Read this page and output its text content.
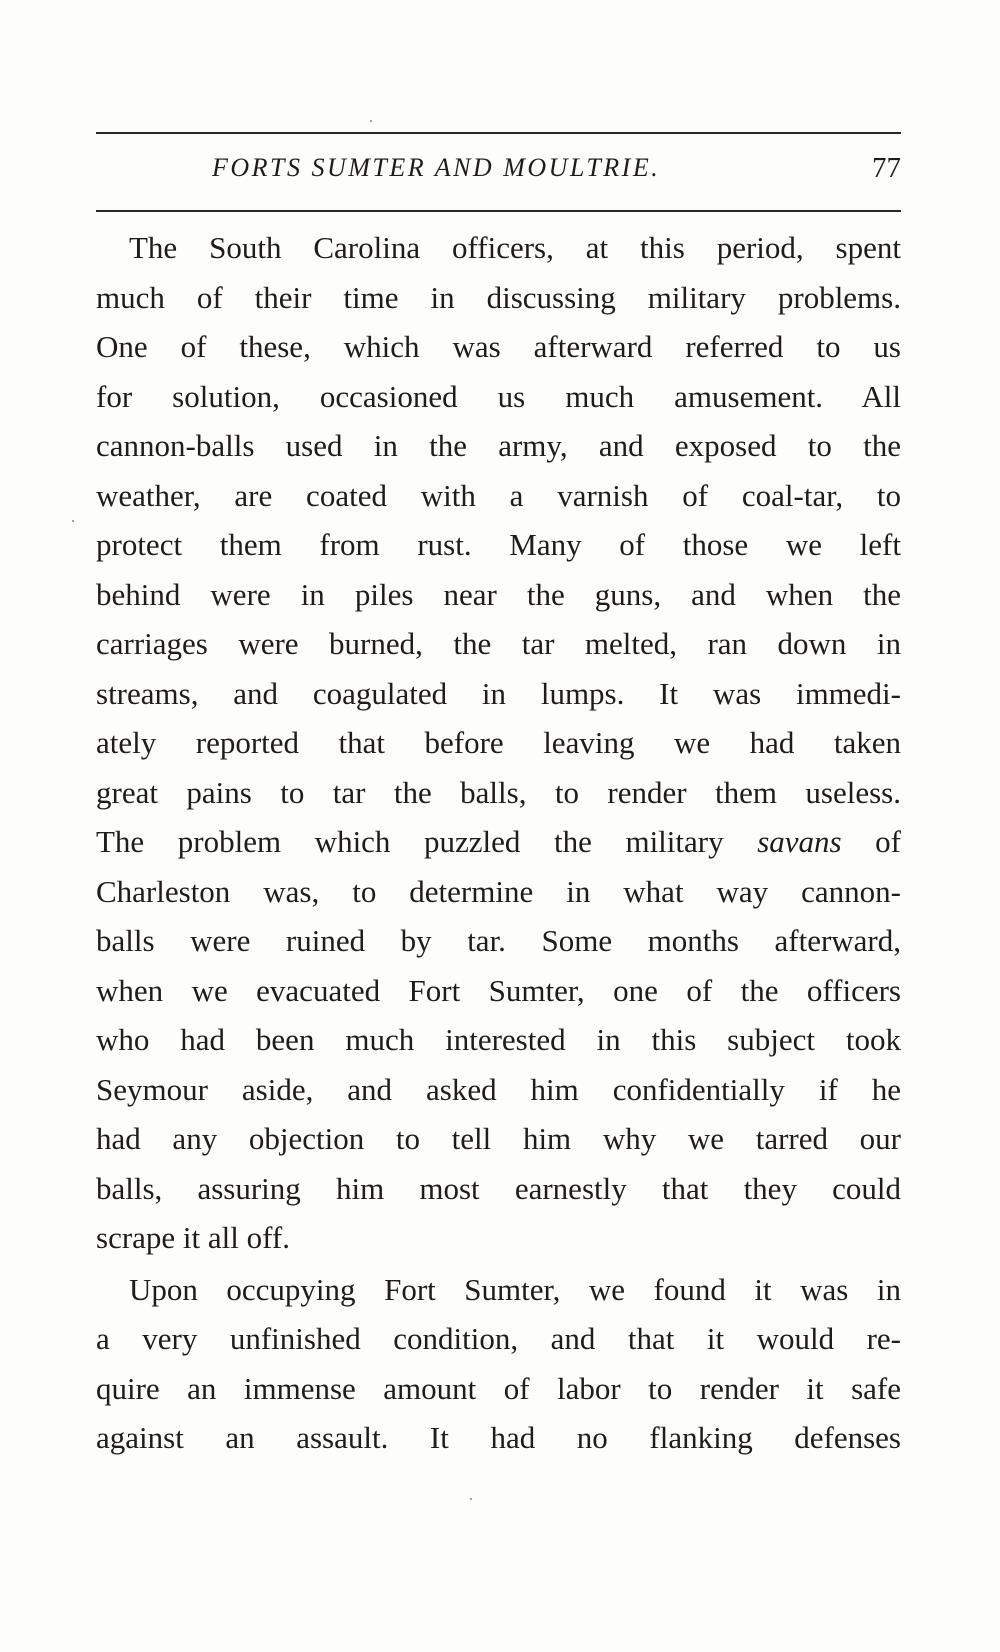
FORTS SUMTER AND MOULTRIE.	77

The South Carolina officers, at this period, spent
much of their time in discussing military problems.
One of these, which was afterward referred to us
for solution, occasioned us much amusement. All
cannon-balls used in the army, and exposed to the
weather, are coated with a varnish of coal-tar, to
protect them from rust. Many of those we left
behind were in piles near the guns, and when the
carriages were burned, the tar melted, ran down in
streams, and coagulated in lumps. It was immedi-
ately reported that before leaving we had taken
great pains to tar the balls, to render them useless.
The problem which puzzled the military savans of
Charleston was, to determine in what way cannon-
balls were ruined by tar. Some months afterward,
when we evacuated Fort Sumter, one of the officers
who had been much interested in this subject took
Seymour aside, and asked him confidentially if he
had any objection to tell him why we tarred our
balls, assuring him most earnestly that they could
scrape it all off.

Upon occupying Fort Sumter, we found it was in
a very unfinished condition, and that it would re-
quire an immense amount of labor to render it safe
against an assault. It had no flanking defenses
